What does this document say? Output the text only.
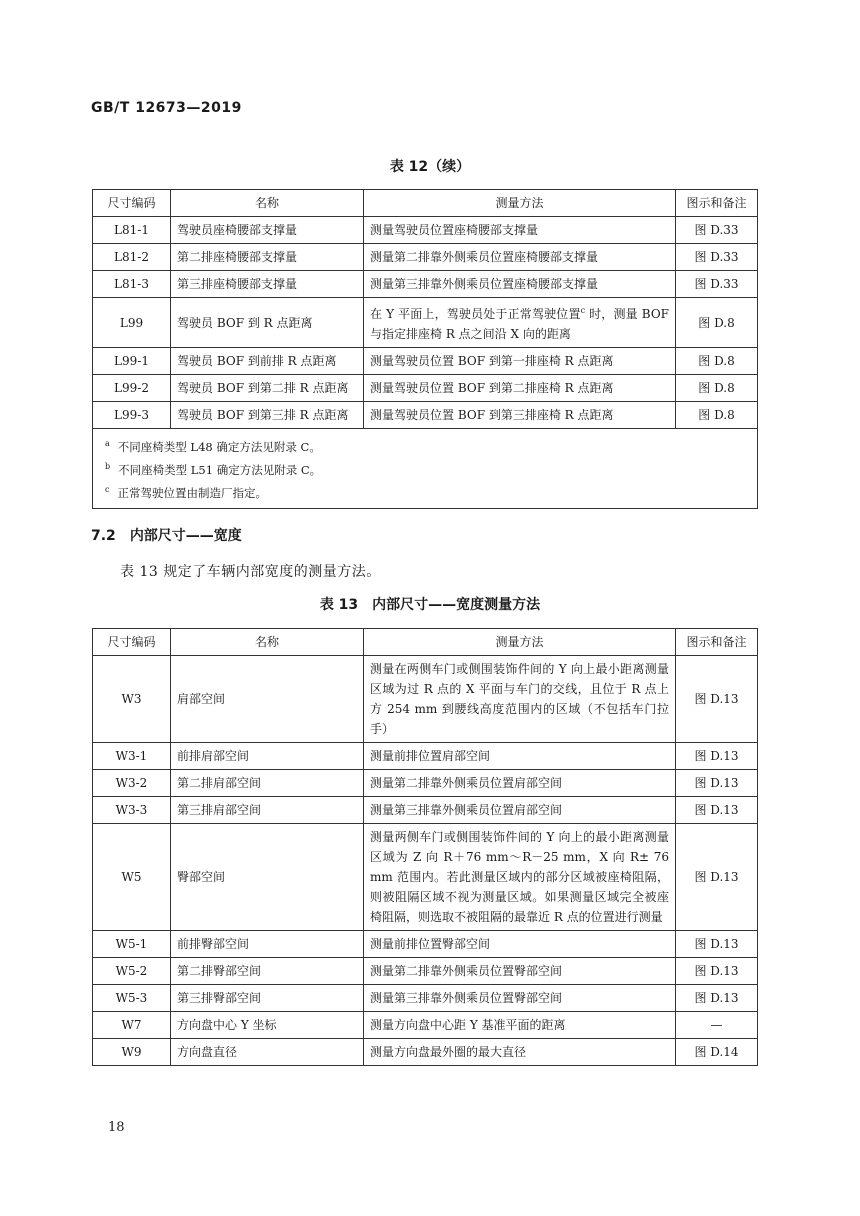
GB/T 12673—2019
表 12（续）
尺寸编码	名称	测量方法	图示和备注
L81-1	驾驶员座椅腰部支撑量	测量驾驶员位置座椅腰部支撑量	图 D.33
L81-2	第二排座椅腰部支撑量	测量第二排靠外侧乘员位置座椅腰部支撑量	图 D.33
L81-3	第三排座椅腰部支撑量	测量第三排靠外侧乘员位置座椅腰部支撑量	图 D.33
L99	驾驶员 BOF 到 R 点距离	在 Y 平面上，驾驶员处于正常驾驶位置$^c$ 时，测量 BOF 与指定排座椅 R 点之间沿 X 向的距离	图 D.8
L99-1	驾驶员 BOF 到前排 R 点距离	测量驾驶员位置 BOF 到第一排座椅 R 点距离	图 D.8
L99-2	驾驶员 BOF 到第二排 R 点距离	测量驾驶员位置 BOF 到第二排座椅 R 点距离	图 D.8
L99-3	驾驶员 BOF 到第三排 R 点距离	测量驾驶员位置 BOF 到第三排座椅 R 点距离	图 D.8

$^a$ 不同座椅类型 L48 确定方法见附录 C。
$^b$ 不同座椅类型 L51 确定方法见附录 C。
$^c$ 正常驾驶位置由制造厂指定。			
7.2 内部尺寸——宽度
表 13 规定了车辆内部宽度的测量方法。
表 13　内部尺寸——宽度测量方法
尺寸编码	名称	测量方法	图示和备注
W3	肩部空间	测量在两侧车门或侧围装饰件间的 Y 向上最小距离测量区域为过 R 点的 X 平面与车门的交线，且位于 R 点上方 254 mm 到腰线高度范围内的区域（不包括车门拉手）	图 D.13
W3-1	前排肩部空间	测量前排位置肩部空间	图 D.13
W3-2	第二排肩部空间	测量第二排靠外侧乘员位置肩部空间	图 D.13
W3-3	第三排肩部空间	测量第三排靠外侧乘员位置肩部空间	图 D.13
W5	臀部空间	测量两侧车门或侧围装饰件间的 Y 向上的最小距离测量区域为 Z 向 R＋76 mm～R－25 mm，X 向 R± 76 mm 范围内。若此测量区域内的部分区域被座椅阻隔，则被阻隔区域不视为测量区域。如果测量区域完全被座椅阻隔，则选取不被阻隔的最靠近 R 点的位置进行测量	图 D.13
W5-1	前排臀部空间	测量前排位置臀部空间	图 D.13
W5-2	第二排臀部空间	测量第二排靠外侧乘员位置臀部空间	图 D.13
W5-3	第三排臀部空间	测量第三排靠外侧乘员位置臀部空间	图 D.13
W7	方向盘中心 Y 坐标	测量方向盘中心距 Y 基准平面的距离	—
W9	方向盘直径	测量方向盘最外圈的最大直径	图 D.14
18
